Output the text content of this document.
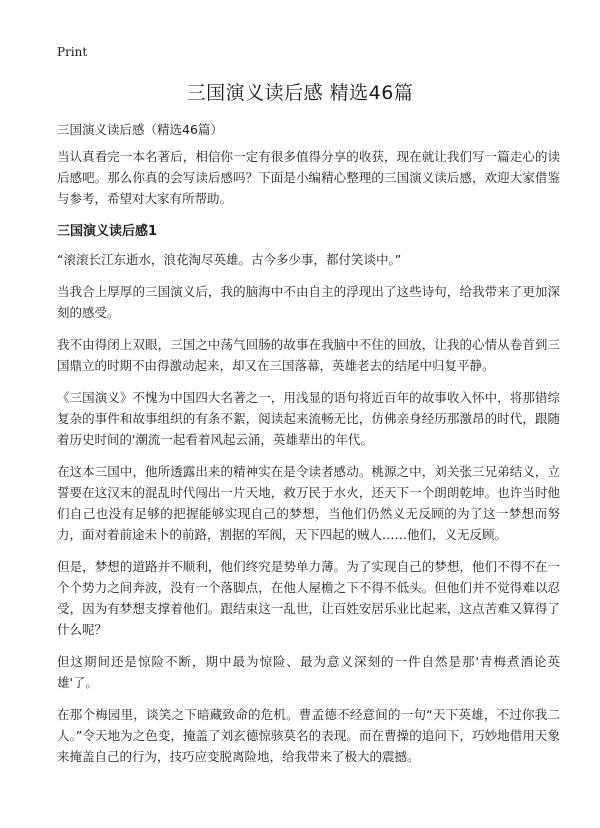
Print
三国演义读后感 精选46篇
三国演义读后感（精选46篇）

当认真看完一本名著后，相信你一定有很多值得分享的收获，现在就让我们写一篇走心的读后感吧。那么你真的会写读后感吗？下面是小编精心整理的三国演义读后感，欢迎大家借鉴与参考，希望对大家有所帮助。

三国演义读后感1

“滚滚长江东逝水，浪花淘尽英雄。古今多少事，都付笑谈中。”

当我合上厚厚的三国演义后，我的脑海中不由自主的浮现出了这些诗句，给我带来了更加深刻的感受。

我不由得闭上双眼，三国之中荡气回肠的故事在我脑中不住的回放，让我的心情从卷首到三国鼎立的时期不由得激动起来，却又在三国落幕，英雄老去的结尾中归复平静。

《三国演义》不愧为中国四大名著之一，用浅显的语句将近百年的故事收入怀中，将那错综复杂的事件和故事组织的有条不絮，阅读起来流畅无比，仿佛亲身经历那激昂的时代，跟随着历史时间的'潮流一起看着风起云涌，英雄辈出的年代。

在这本三国中，他所透露出来的精神实在是令读者感动。桃源之中，刘关张三兄弟结义，立誓要在这汉末的混乱时代闯出一片天地，救万民于水火，还天下一个朗朗乾坤。也许当时他们自己也没有足够的把握能够实现自己的梦想，当他们仍然义无反顾的为了这一梦想而努力，面对着前途未卜的前路，割据的军阀，天下四起的贼人……他们，义无反顾。

但是，梦想的道路并不顺利，他们终究是势单力薄。为了实现自己的梦想，他们不得不在一个个势力之间奔波，没有一个落脚点，在他人屋檐之下不得不低头。但他们并不觉得难以忍受，因为有梦想支撑着他们。跟结束这一乱世，让百姓安居乐业比起来，这点苦难又算得了什么呢？

但这期间还是惊险不断，期中最为惊险、最为意义深刻的一件自然是那'青梅煮酒论英雄'了。

在那个梅园里，谈笑之下暗藏致命的危机。曹孟德不经意间的一句“天下英雄，不过你我二人。”令天地为之色变，掩盖了刘玄德惊骇莫名的表现。而在曹操的追问下，巧妙地借用天象来掩盖自己的行为，技巧应变脱离险地，给我带来了极大的震撼。
